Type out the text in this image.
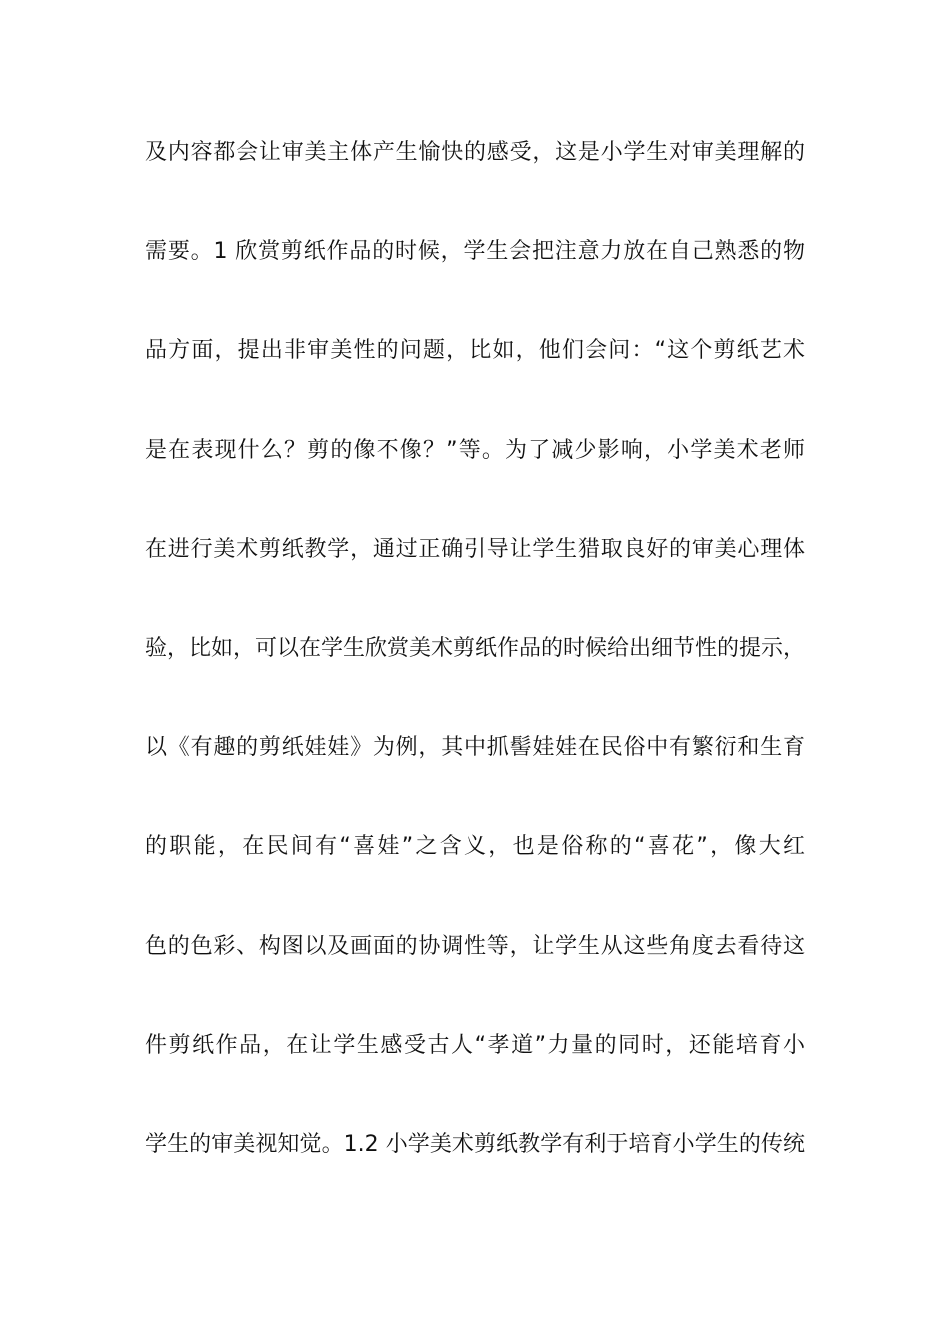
及内容都会让审美主体产生愉快的感受，这是小学生对审美理解的
需要。1 欣赏剪纸作品的时候，学生会把注意力放在自己熟悉的物
品方面，提出非审美性的问题，比如，他们会问：“这个剪纸艺术
是在表现什么？剪的像不像？”等。为了减少影响，小学美术老师
在进行美术剪纸教学，通过正确引导让学生猎取良好的审美心理体
验，比如，可以在学生欣赏美术剪纸作品的时候给出细节性的提示，
以《有趣的剪纸娃娃》为例，其中抓髻娃娃在民俗中有繁衍和生育
的职能，在民间有“喜娃”之含义，也是俗称的“喜花”，像大红
色的色彩、构图以及画面的协调性等，让学生从这些角度去看待这
件剪纸作品，在让学生感受古人“孝道”力量的同时，还能培育小
学生的审美视知觉。1.2 小学美术剪纸教学有利于培育小学生的传统
